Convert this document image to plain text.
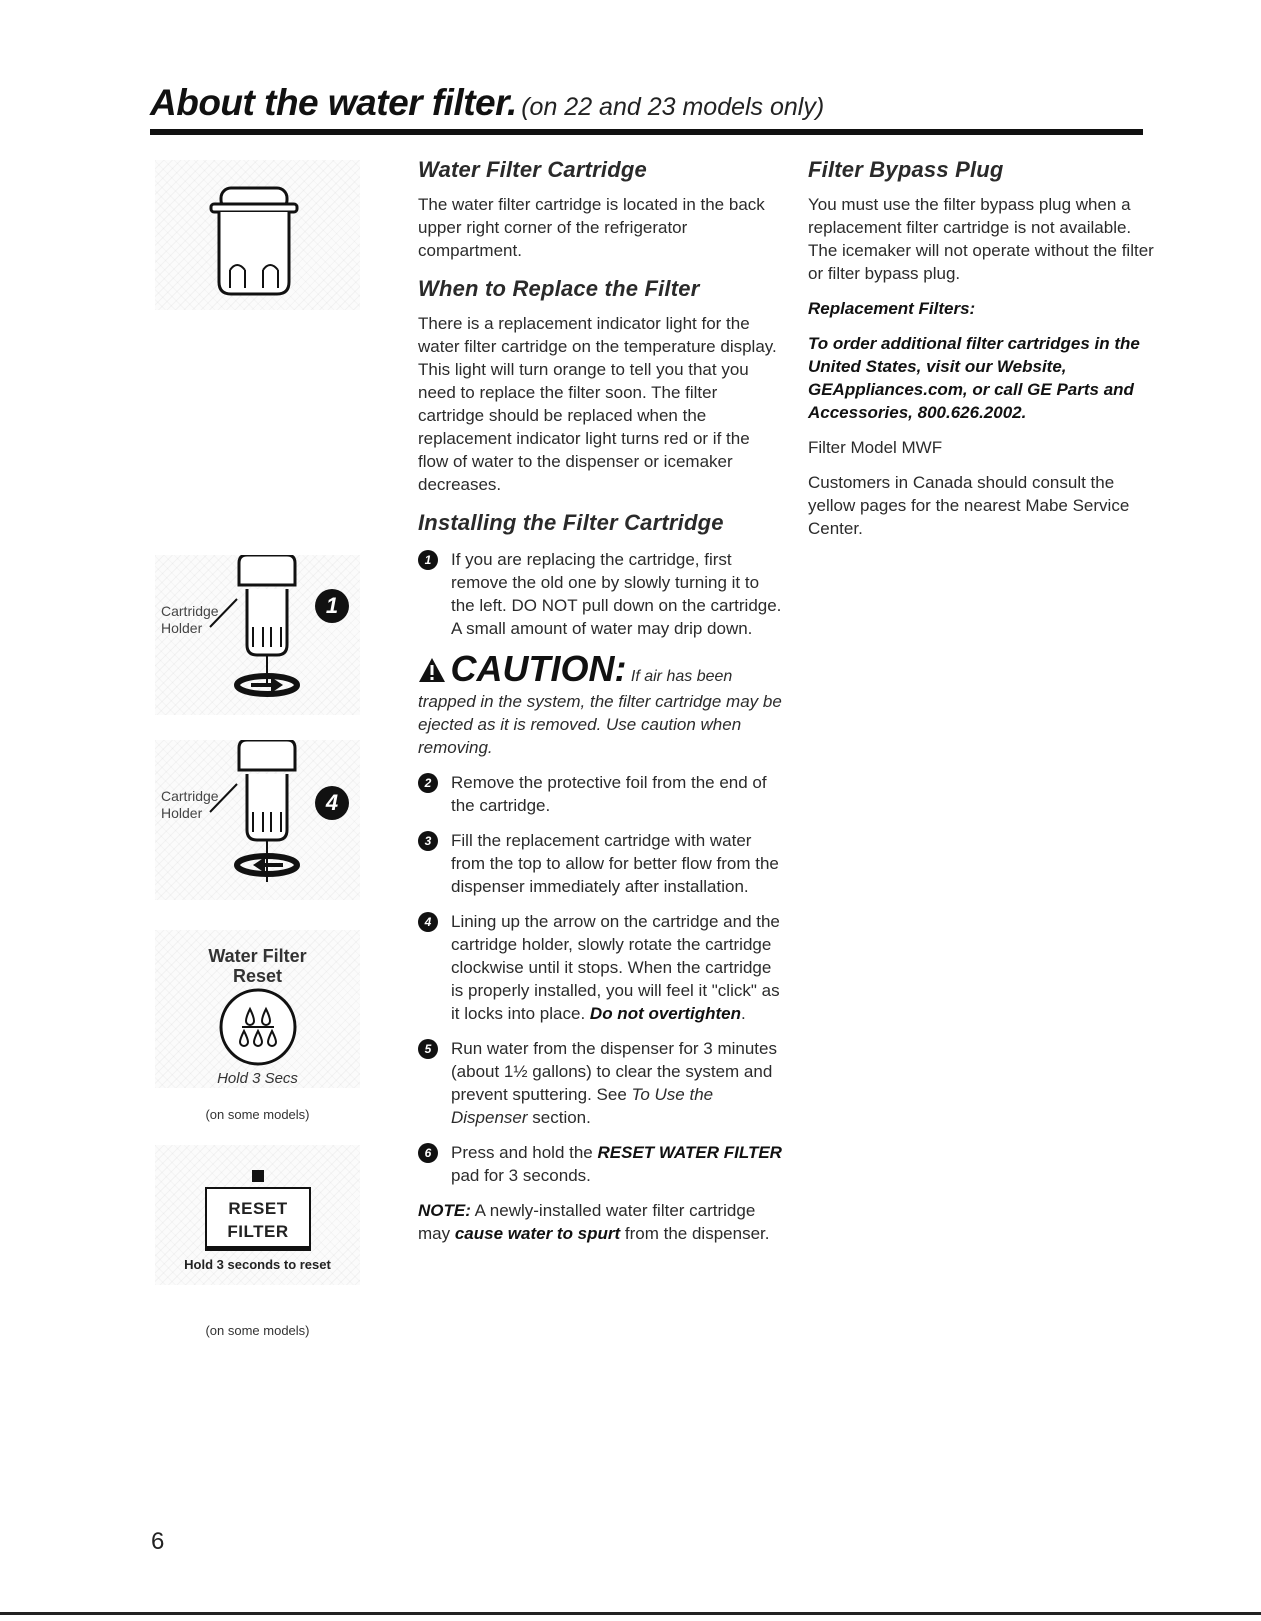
About the water filter. (on 22 and 23 models only)
Cartridge
Holder
1
Cartridge
Holder	4
Water Filter
Reset
Hold 3 Secs
(on some models)
RESET
FILTER
Hold 3 seconds to reset
(on some models)
Water Filter Cartridge

The water filter cartridge is located in the back upper right corner of the refrigerator compartment.

When to Replace the Filter

There is a replacement indicator light for the water filter cartridge on the temperature display. This light will turn orange to tell you that you need to replace the filter soon. The filter cartridge should be replaced when the replacement indicator light turns red or if the flow of water to the dispenser or icemaker decreases.

Installing the Filter Cartridge
1	If you are replacing the cartridge, first remove the old one by slowly turning it to the left. DO NOT pull down on the cartridge. A small amount of water may drip down.
CAUTION: If air has been

trapped in the system, the filter cartridge may be ejected as it is removed. Use caution when removing.

2	Remove the protective foil from the end of the cartridge.
3	Fill the replacement cartridge with water from the top to allow for better flow from the dispenser immediately after installation.
4	Lining up the arrow on the cartridge and the cartridge holder, slowly rotate the cartridge clockwise until it stops. When the cartridge is properly installed, you will feel it "click" as it locks into place. Do not overtighten.
5	Run water from the dispenser for 3 minutes (about 1½ gallons) to clear the system and prevent sputtering. See To Use the Dispenser section.
6	Press and hold the RESET WATER FILTER pad for 3 seconds.

NOTE: A newly-installed water filter cartridge may cause water to spurt from the dispenser.

Filter Bypass Plug

You must use the filter bypass plug when a replacement filter cartridge is not available. The icemaker will not operate without the filter or filter bypass plug.

Replacement Filters:

To order additional filter cartridges in the United States, visit our Website, GEAppliances.com, or call GE Parts and Accessories, 800.626.2002.

Filter Model MWF

Customers in Canada should consult the yellow pages for the nearest Mabe Service Center.

6
